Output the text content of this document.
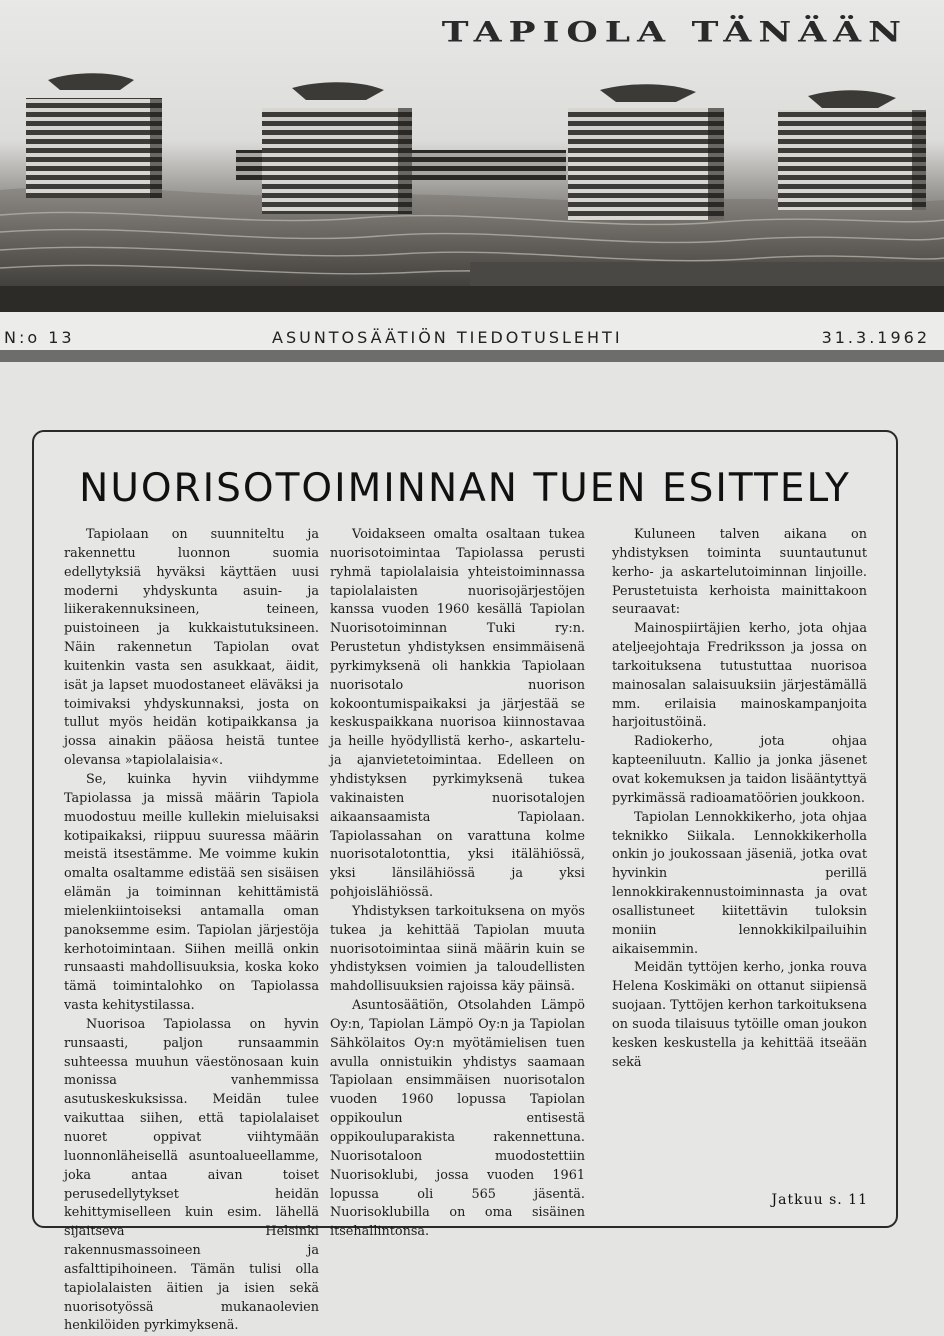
TAPIOLA TÄNÄÄN
N:o 13	ASUNTOSÄÄTIÖN TIEDOTUSLEHTI	31.3.1962
NUORISOTOIMINNAN TUEN ESITTELY

Tapiolaan on suunniteltu ja rakennettu luonnon suomia edellytyksiä hyväksi käyttäen uusi moderni yhdyskunta asuin- ja liikerakennuksineen, teineen, puistoineen ja kukkaistutuksineen. Näin rakennetun Tapiolan ovat kuitenkin vasta sen asukkaat, äidit, isät ja lapset muodostaneet eläväksi ja toimivaksi yhdyskunnaksi, josta on tullut myös heidän kotipaikkansa ja jossa ainakin pääosa heistä tuntee olevansa »tapiolalaisia«.

Se, kuinka hyvin viihdymme Tapiolassa ja missä määrin Tapiola muodostuu meille kullekin mieluisaksi kotipaikaksi, riippuu suuressa määrin meistä itsestämme. Me voimme kukin omalta osaltamme edistää sen sisäisen elämän ja toiminnan kehittämistä mielenkiintoiseksi antamalla oman panoksemme esim. Tapiolan järjestöja kerhotoimintaan. Siihen meillä onkin runsaasti mahdollisuuksia, koska koko tämä toimintalohko on Tapiolassa vasta kehitystilassa.

Nuorisoa Tapiolassa on hyvin runsaasti, paljon runsaammin suhteessa muuhun väestönosaan kuin monissa vanhemmissa asutuskeskuksissa. Meidän tulee vaikuttaa siihen, että tapiolalaiset nuoret oppivat viihtymään luonnonläheisellä asuntoalueellamme, joka antaa aivan toiset perusedellytykset heidän kehittymiselleen kuin esim. lähellä sijaitseva Helsinki rakennusmassoineen ja asfalttipihoineen. Tämän tulisi olla tapiolalaisten äitien ja isien sekä nuorisotyössä mukanaolevien henkilöiden pyrkimyksenä.

Voidakseen omalta osaltaan tukea nuorisotoimintaa Tapiolassa perusti ryhmä tapiolalaisia yhteistoiminnassa tapiolalaisten nuorisojärjestöjen kanssa vuoden 1960 kesällä Tapiolan Nuorisotoiminnan Tuki ry:n. Perustetun yhdistyksen ensimmäisenä pyrkimyksenä oli hankkia Tapiolaan nuorisotalo nuorison kokoontumispaikaksi ja järjestää se keskuspaikkana nuorisoa kiinnostavaa ja heille hyödyllistä kerho-, askartelu- ja ajanvietetoimintaa. Edelleen on yhdistyksen pyrkimyksenä tukea vakinaisten nuorisotalojen aikaansaamista Tapiolaan. Tapiolassahan on varattuna kolme nuorisotalotonttia, yksi itälähiössä, yksi länsilähiössä ja yksi pohjoislähiössä.

Yhdistyksen tarkoituksena on myös tukea ja kehittää Tapiolan muuta nuorisotoimintaa siinä määrin kuin se yhdistyksen voimien ja taloudellisten mahdollisuuksien rajoissa käy päinsä.

Asuntosäätiön, Otsolahden Lämpö Oy:n, Tapiolan Lämpö Oy:n ja Tapiolan Sähkölaitos Oy:n myötämielisen tuen avulla onnistuikin yhdistys saamaan Tapiolaan ensimmäisen nuorisotalon vuoden 1960 lopussa Tapiolan oppikoulun entisestä oppikouluparakista rakennettuna. Nuorisotaloon muodostettiin Nuorisoklubi, jossa vuoden 1961 lopussa oli 565 jäsentä. Nuorisoklubilla on oma sisäinen itsehallintonsa.

Kuluneen talven aikana on yhdistyksen toiminta suuntautunut kerho- ja askartelutoiminnan linjoille. Perustetuista kerhoista mainittakoon seuraavat:

Mainospiirtäjien kerho, jota ohjaa ateljeejohtaja Fredriksson ja jossa on tarkoituksena tutustuttaa nuorisoa mainosalan salaisuuksiin järjestämällä mm. erilaisia mainoskampanjoita harjoitustöinä.

Radiokerho, jota ohjaa kapteeniluutn. Kallio ja jonka jäsenet ovat kokemuksen ja taidon lisääntyttyä pyrkimässä radioamatöörien joukkoon.

Tapiolan Lennokkikerho, jota ohjaa teknikko Siikala. Lennokkikerholla onkin jo joukossaan jäseniä, jotka ovat hyvinkin perillä lennokkirakennustoiminnasta ja ovat osallistuneet kiitettävin tuloksin moniin lennokkikilpailuihin aikaisemmin.

Meidän tyttöjen kerho, jonka rouva Helena Koskimäki on ottanut siipiensä suojaan. Tyttöjen kerhon tarkoituksena on suoda tilaisuus tytöille oman joukon kesken keskustella ja kehittää itseään sekä

Jatkuu s. 11
